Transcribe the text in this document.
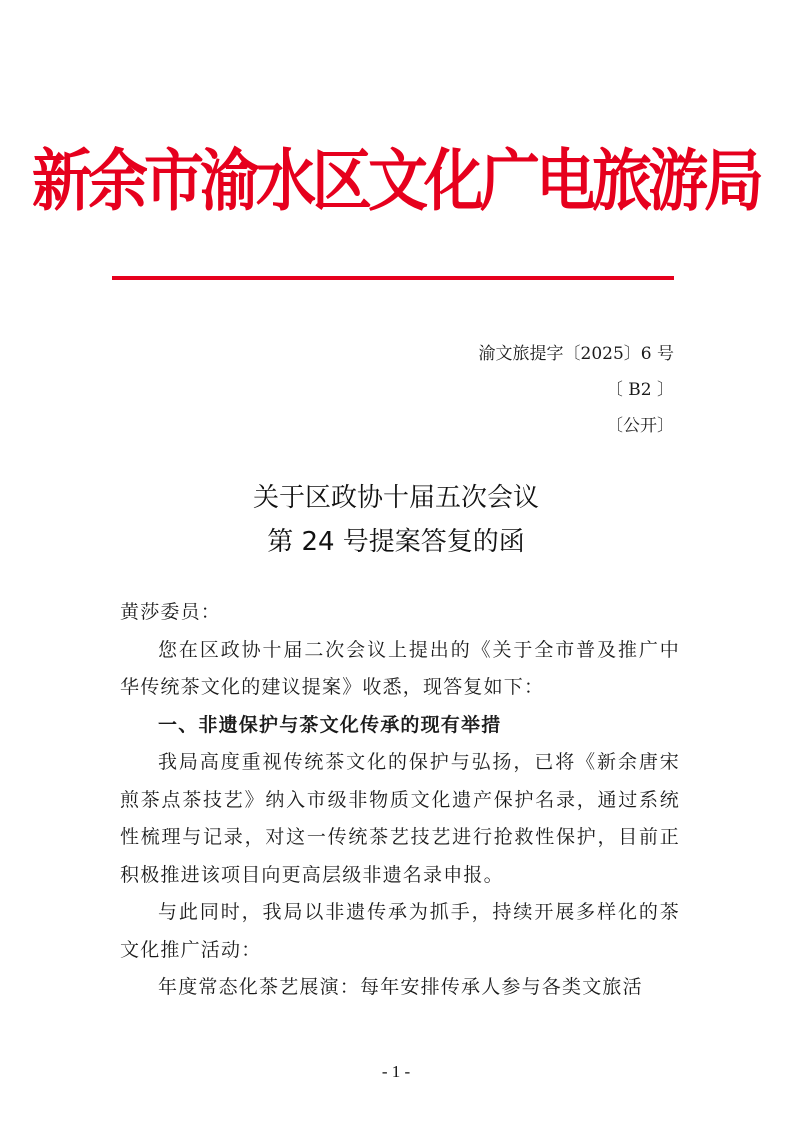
新余市渝水区文化广电旅游局
渝文旅提字〔2025〕6 号
〔 B2 〕
〔公开〕
关于区政协十届五次会议
第 24 号提案答复的函

黄莎委员：

您在区政协十届二次会议上提出的《关于全市普及推广中华传统茶文化的建议提案》收悉，现答复如下：

一、非遗保护与茶文化传承的现有举措

我局高度重视传统茶文化的保护与弘扬，已将《新余唐宋煎茶点茶技艺》纳入市级非物质文化遗产保护名录，通过系统性梳理与记录，对这一传统茶艺技艺进行抢救性保护，目前正积极推进该项目向更高层级非遗名录申报。

与此同时，我局以非遗传承为抓手，持续开展多样化的茶文化推广活动：

年度常态化茶艺展演：每年安排传承人参与各类文旅活

- 1 -
